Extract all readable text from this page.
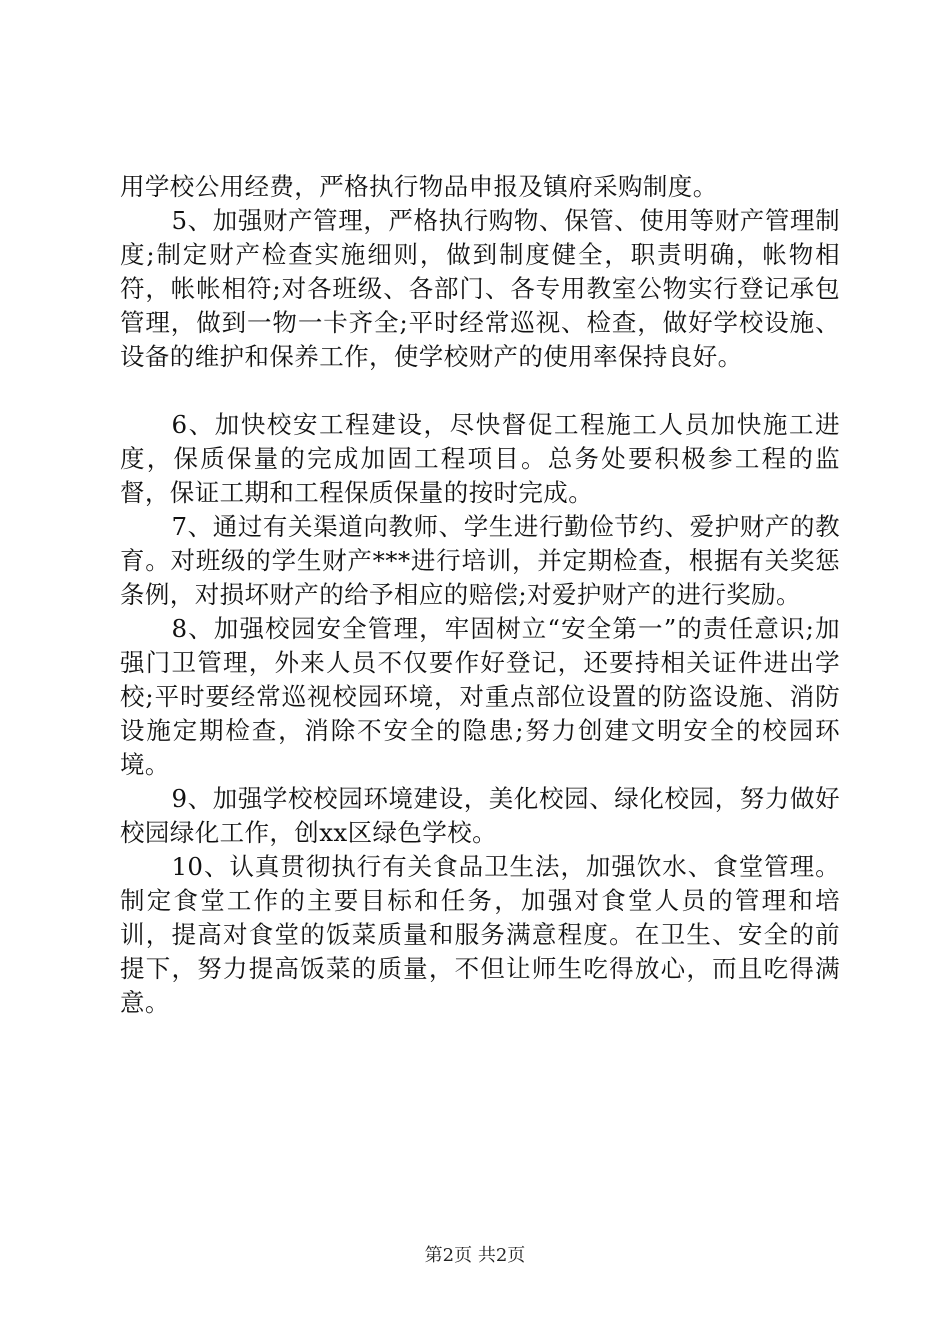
用学校公用经费，严格执行物品申报及镇府采购制度。

5、加强财产管理，严格执行购物、保管、使用等财产管理制度;制定财产检查实施细则，做到制度健全，职责明确，帐物相符，帐帐相符;对各班级、各部门、各专用教室公物实行登记承包管理，做到一物一卡齐全;平时经常巡视、检查，做好学校设施、设备的维护和保养工作，使学校财产的使用率保持良好。

6、加快校安工程建设，尽快督促工程施工人员加快施工进度，保质保量的完成加固工程项目。总务处要积极参工程的监督，保证工期和工程保质保量的按时完成。

7、通过有关渠道向教师、学生进行勤俭节约、爱护财产的教育。对班级的学生财产***进行培训，并定期检查，根据有关奖惩条例，对损坏财产的给予相应的赔偿;对爱护财产的进行奖励。

8、加强校园安全管理，牢固树立“安全第一”的责任意识;加强门卫管理，外来人员不仅要作好登记，还要持相关证件进出学校;平时要经常巡视校园环境，对重点部位设置的防盗设施、消防设施定期检查，消除不安全的隐患;努力创建文明安全的校园环境。

9、加强学校校园环境建设，美化校园、绿化校园，努力做好校园绿化工作，创xx区绿色学校。

10、认真贯彻执行有关食品卫生法，加强饮水、食堂管理。制定食堂工作的主要目标和任务，加强对食堂人员的管理和培训，提高对食堂的饭菜质量和服务满意程度。在卫生、安全的前提下，努力提高饭菜的质量，不但让师生吃得放心，而且吃得满意。

第2页 共2页
